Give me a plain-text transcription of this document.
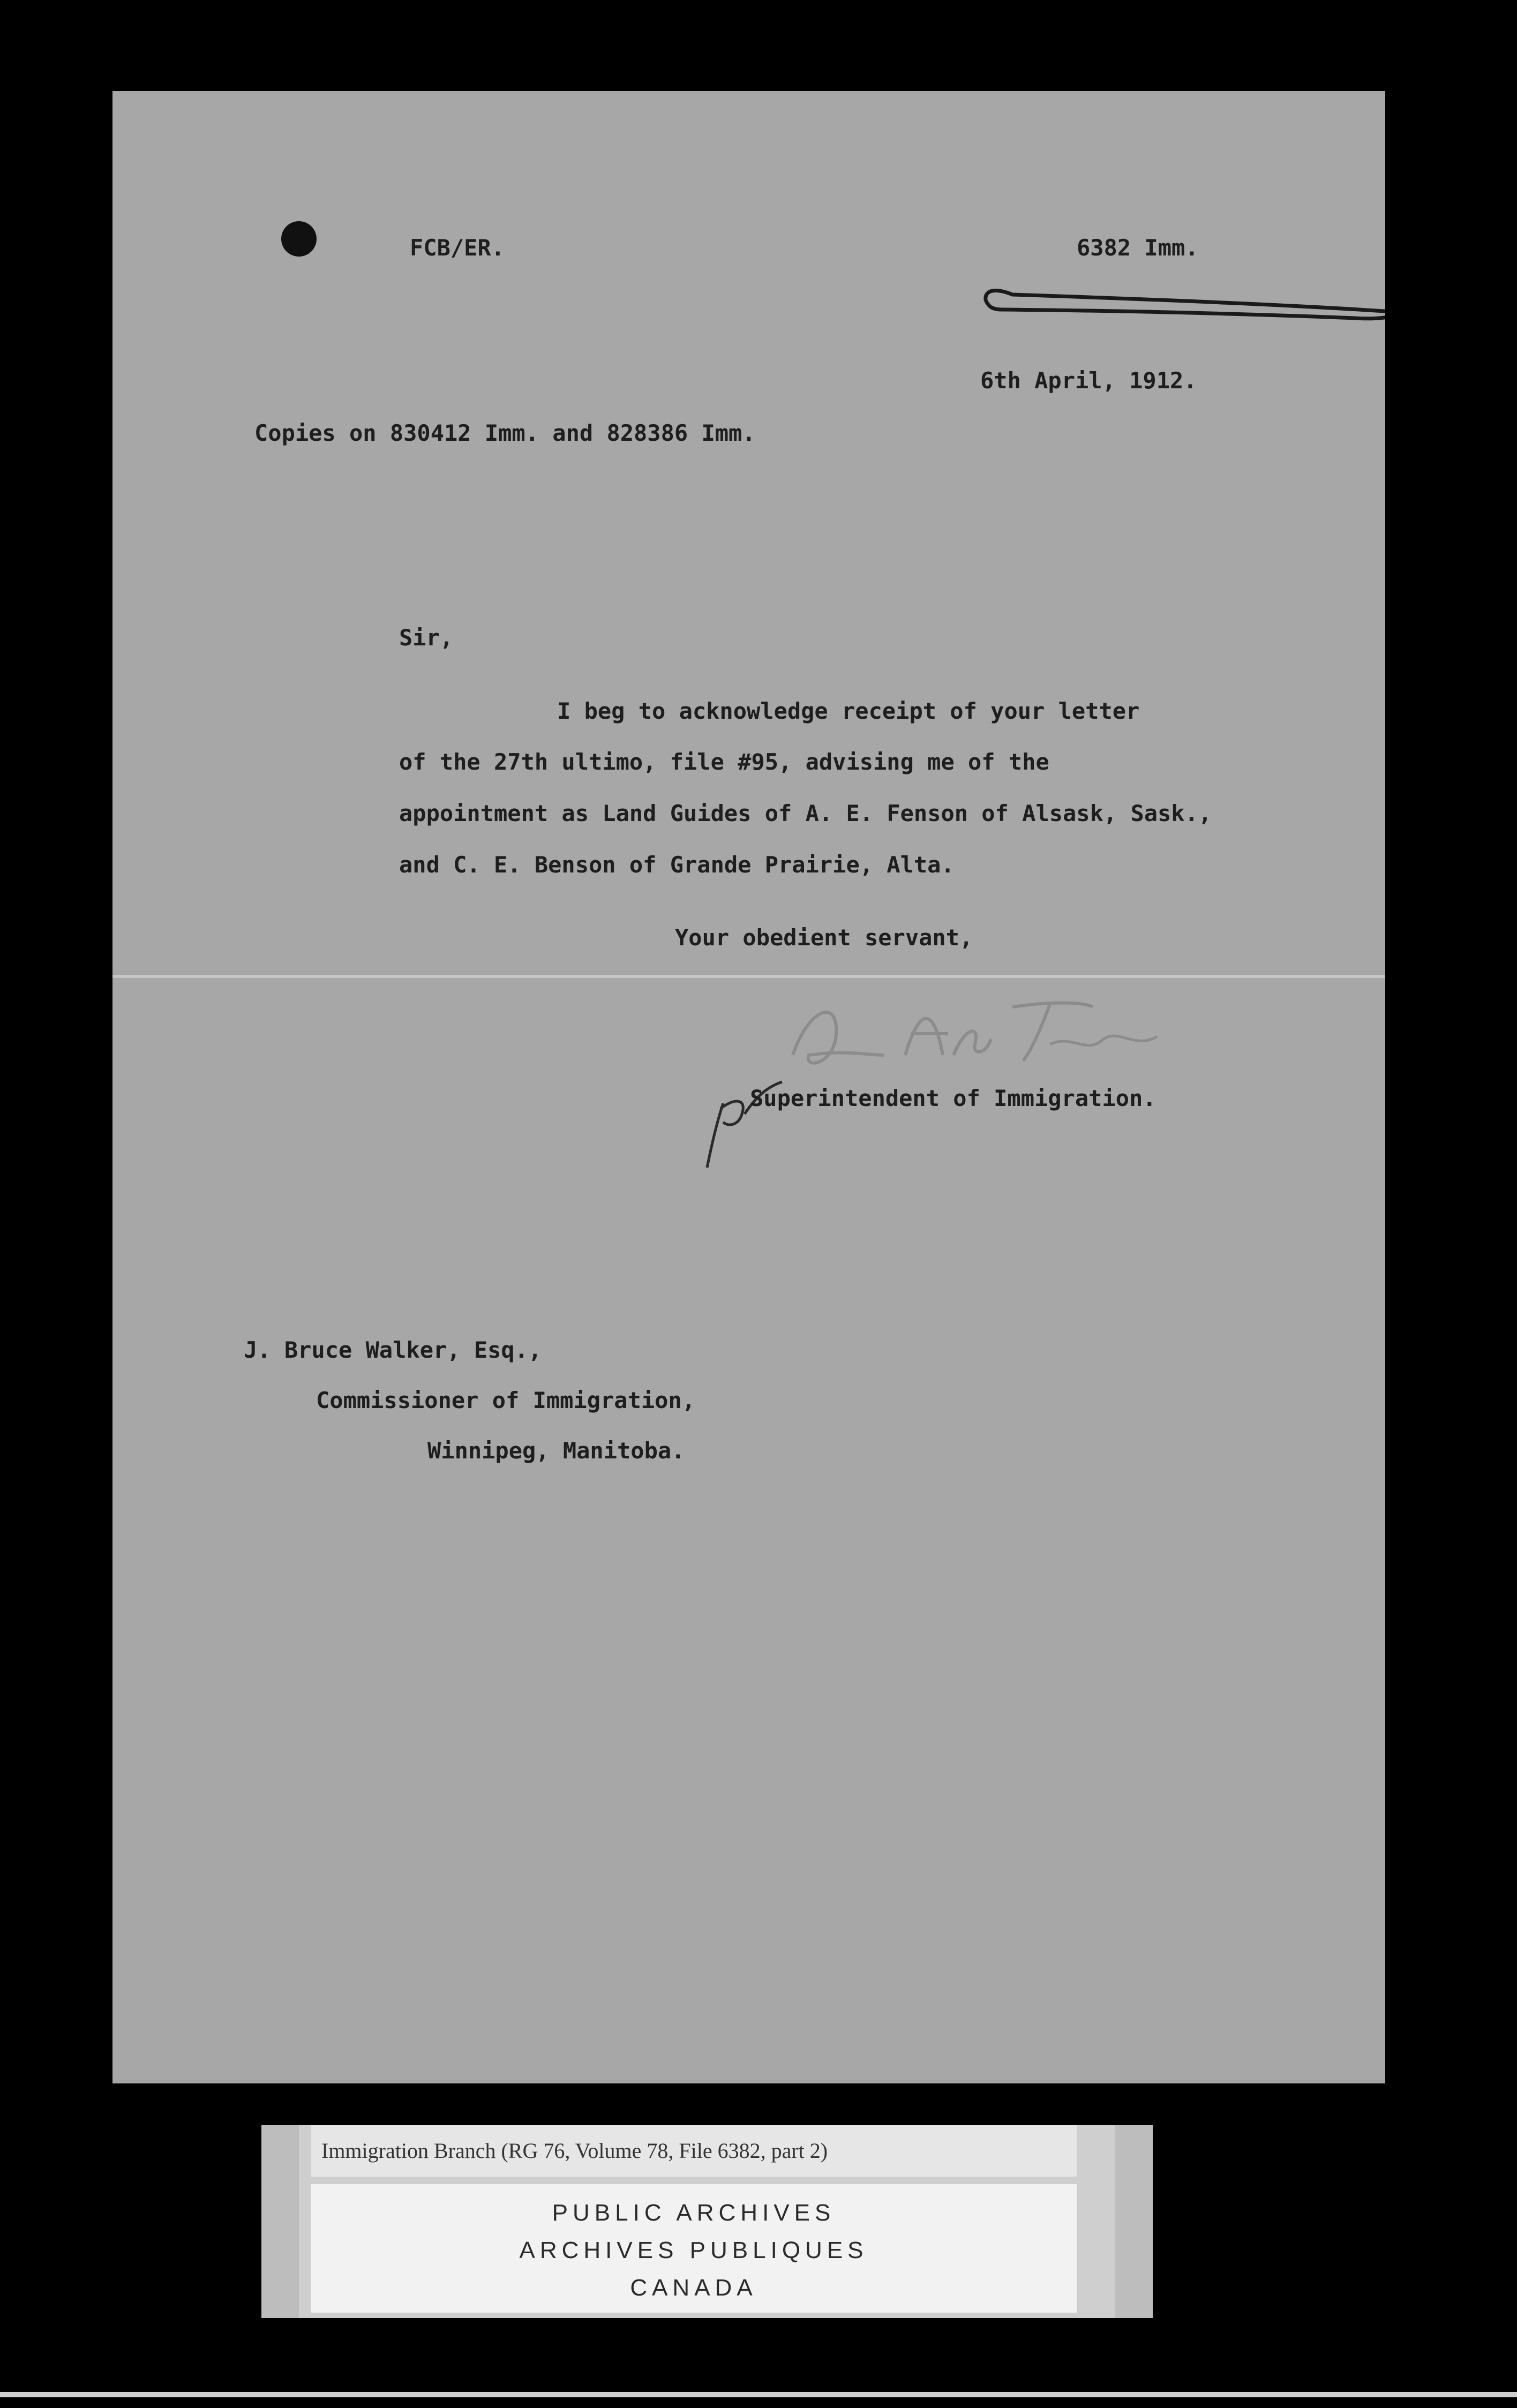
FCB/ER.	6382 Imm.
6th April, 1912.
Copies on 830412 Imm. and 828386 Imm.
Sir,
I beg to acknowledge receipt of your letter
of the 27th ultimo, file #95, advising me of the
appointment as Land Guides of A. E. Fenson of Alsask, Sask.,
and C. E. Benson of Grande Prairie, Alta.
Your obedient servant,
Superintendent of Immigration.
J. Bruce Walker, Esq.,
Commissioner of Immigration,
Winnipeg, Manitoba.
Immigration Branch (RG 76, Volume 78, File 6382, part 2)
PUBLIC ARCHIVES
ARCHIVES PUBLIQUES
CANADA
